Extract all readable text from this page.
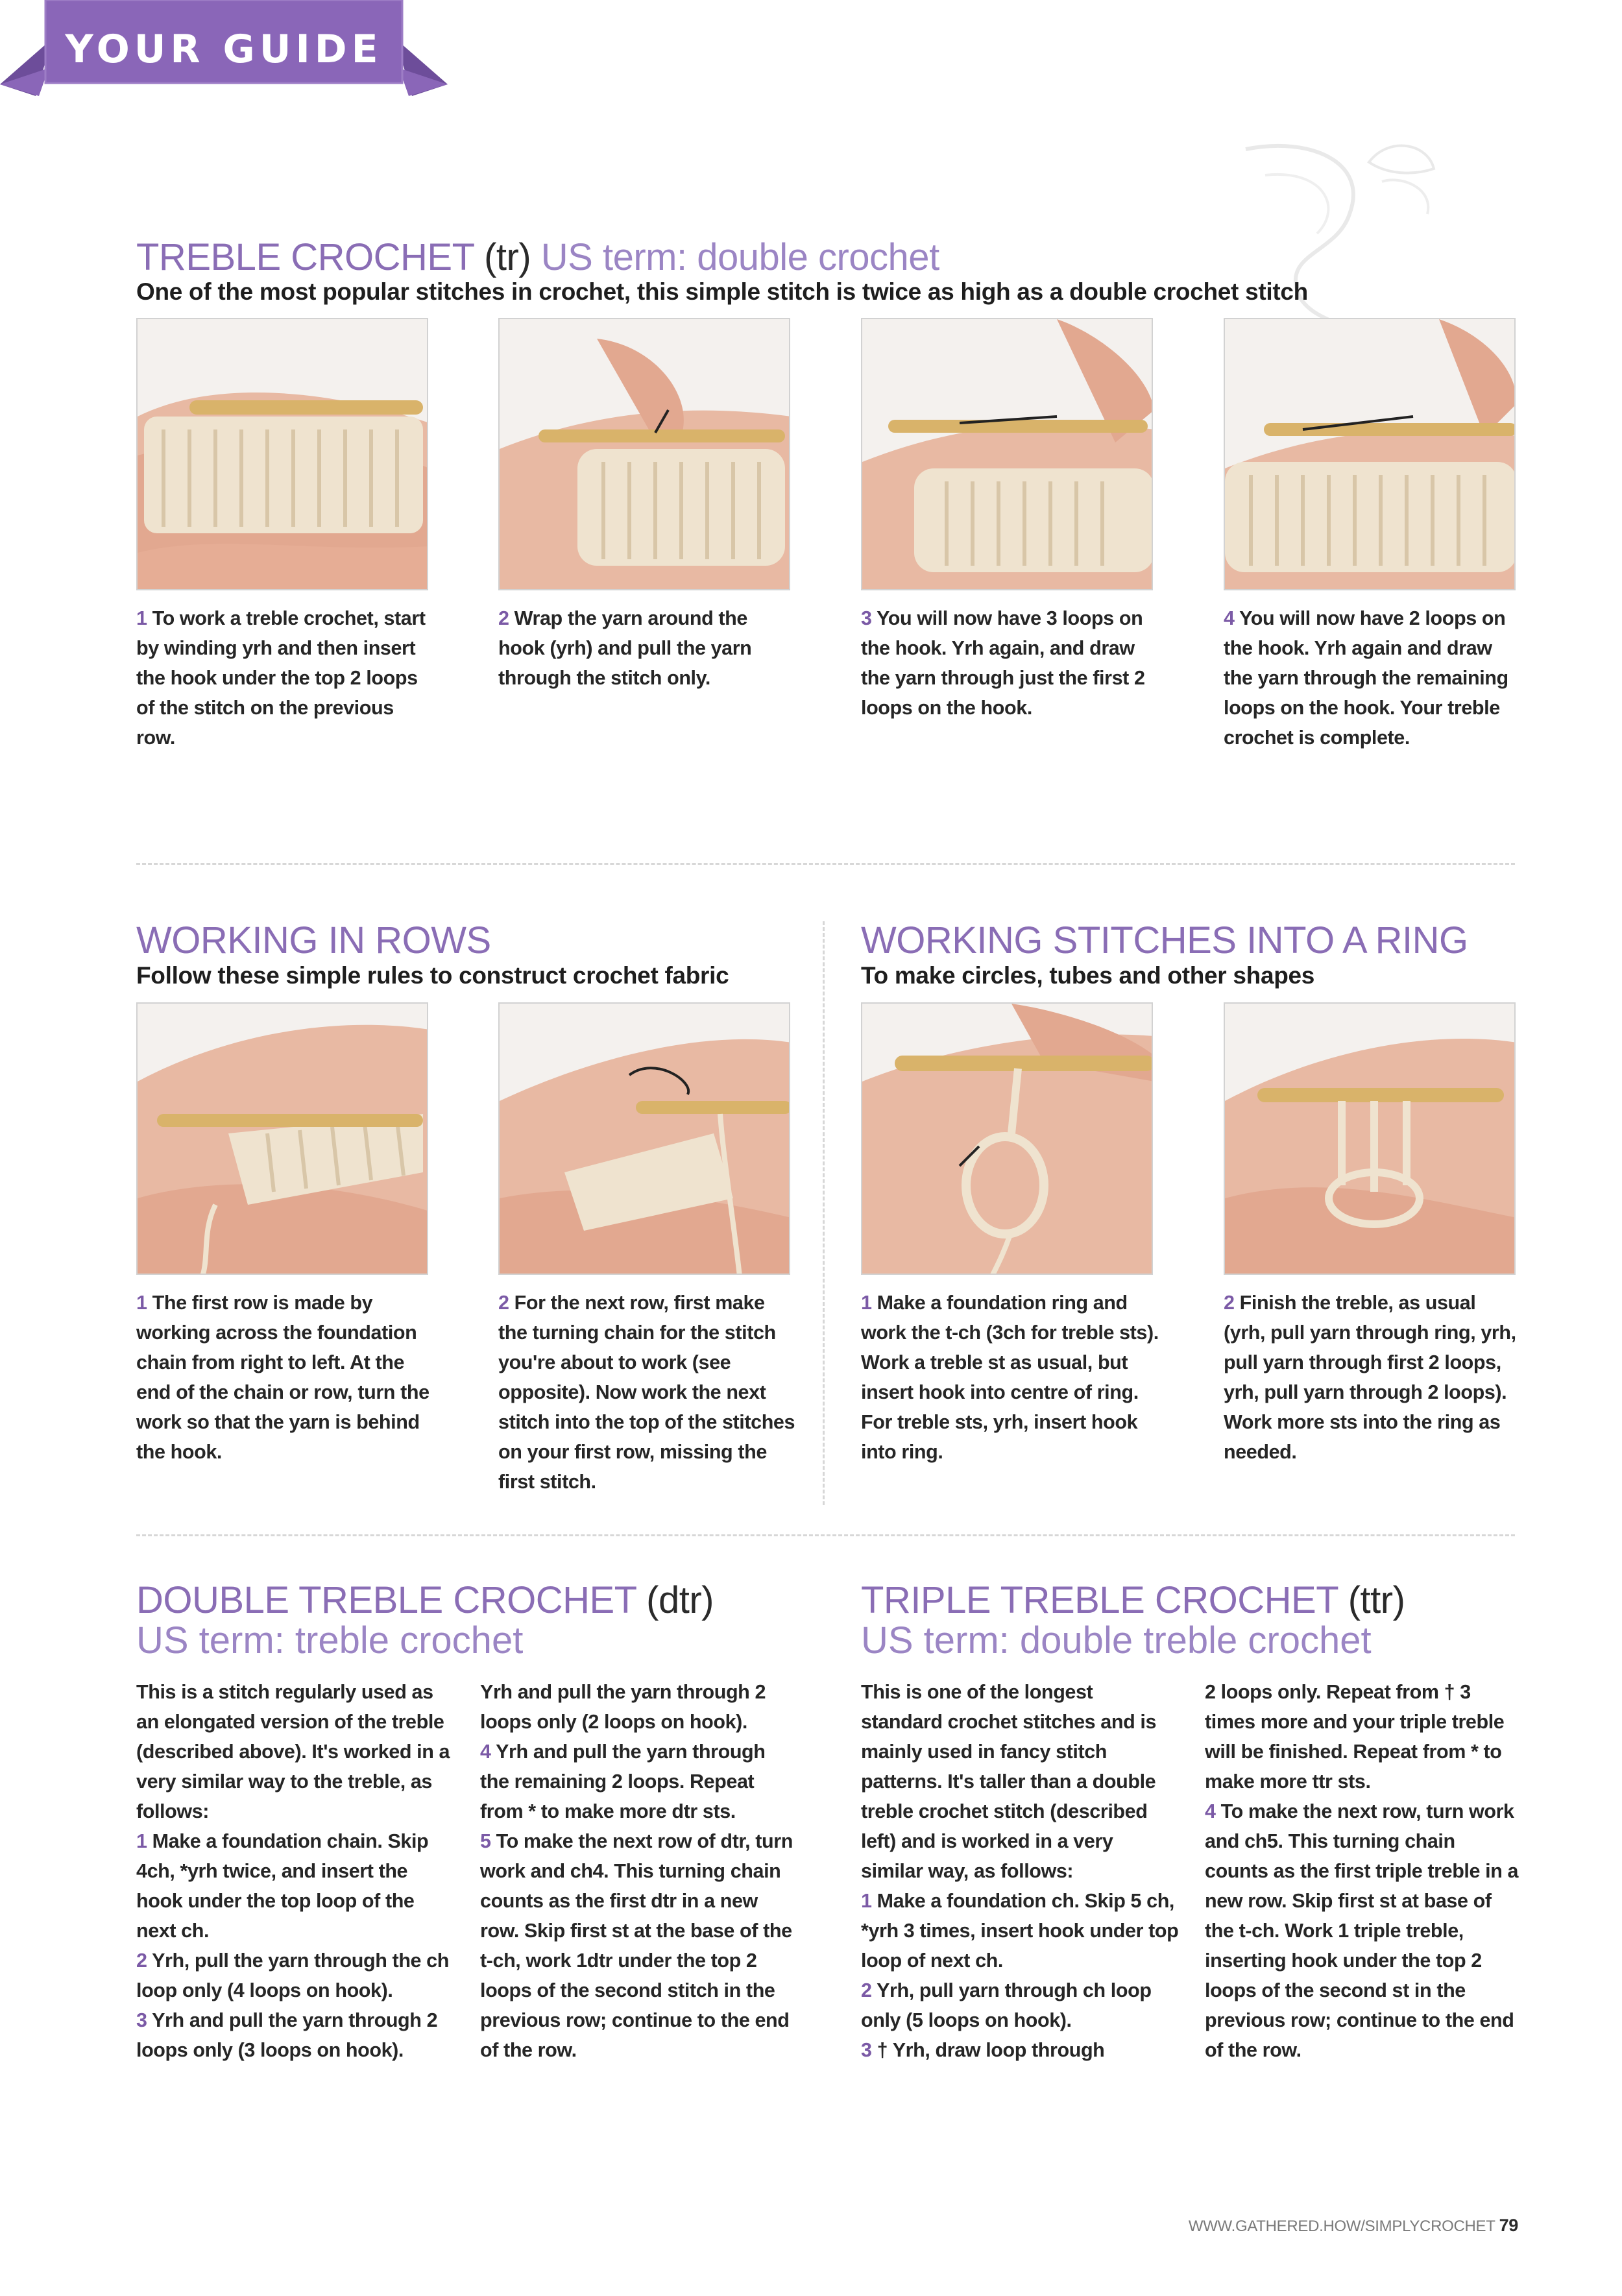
YOUR GUIDE
TREBLE CROCHET (tr) US term: double crochet
One of the most popular stitches in crochet, this simple stitch is twice as high as a double crochet stitch
1 To work a treble crochet, start by winding yrh and then insert the hook under the top 2 loops of the stitch on the previous row.
2 Wrap the yarn around the hook (yrh) and pull the yarn through the stitch only.
3 You will now have 3 loops on the hook. Yrh again, and draw the yarn through just the first 2 loops on the hook.
4 You will now have 2 loops on the hook. Yrh again and draw the yarn through the remaining loops on the hook. Your treble crochet is complete.
WORKING IN ROWS
Follow these simple rules to construct crochet fabric
WORKING STITCHES INTO A RING
To make circles, tubes and other shapes
1 The first row is made by working across the foundation chain from right to left. At the end of the chain or row, turn the work so that the yarn is behind the hook.
2 For the next row, first make the turning chain for the stitch you're about to work (see opposite). Now work the next stitch into the top of the stitches on your first row, missing the first stitch.
1 Make a foundation ring and work the t-ch (3ch for treble sts). Work a treble st as usual, but insert hook into centre of ring. For treble sts, yrh, insert hook into ring.
2 Finish the treble, as usual (yrh, pull yarn through ring, yrh, pull yarn through first 2 loops, yrh, pull yarn through 2 loops). Work more sts into the ring as needed.
DOUBLE TREBLE CROCHET (dtr)
US term: treble crochet

This is a stitch regularly used as an elongated version of the treble (described above). It's worked in a very similar way to the treble, as follows:

1 Make a foundation chain. Skip 4ch, *yrh twice, and insert the hook under the top loop of the next ch.

2 Yrh, pull the yarn through the ch loop only (4 loops on hook).

3 Yrh and pull the yarn through 2 loops only (3 loops on hook).

Yrh and pull the yarn through 2 loops only (2 loops on hook).

4 Yrh and pull the yarn through the remaining 2 loops. Repeat from * to make more dtr sts.

5 To make the next row of dtr, turn work and ch4. This turning chain counts as the first dtr in a new row. Skip first st at the base of the t-ch, work 1dtr under the top 2 loops of the second stitch in the previous row; continue to the end of the row.

TRIPLE TREBLE CROCHET (ttr)
US term: double treble crochet

This is one of the longest standard crochet stitches and is mainly used in fancy stitch patterns. It's taller than a double treble crochet stitch (described left) and is worked in a very similar way, as follows:

1 Make a foundation ch. Skip 5 ch, *yrh 3 times, insert hook under top loop of next ch.

2 Yrh, pull yarn through ch loop only (5 loops on hook).

3 † Yrh, draw loop through

2 loops only. Repeat from † 3 times more and your triple treble will be finished. Repeat from * to make more ttr sts.

4 To make the next row, turn work and ch5. This turning chain counts as the first triple treble in a new row. Skip first st at base of the t-ch. Work 1 triple treble, inserting hook under the top 2 loops of the second st in the previous row; continue to the end of the row.

WWW.GATHERED.HOW/SIMPLYCROCHET 79
